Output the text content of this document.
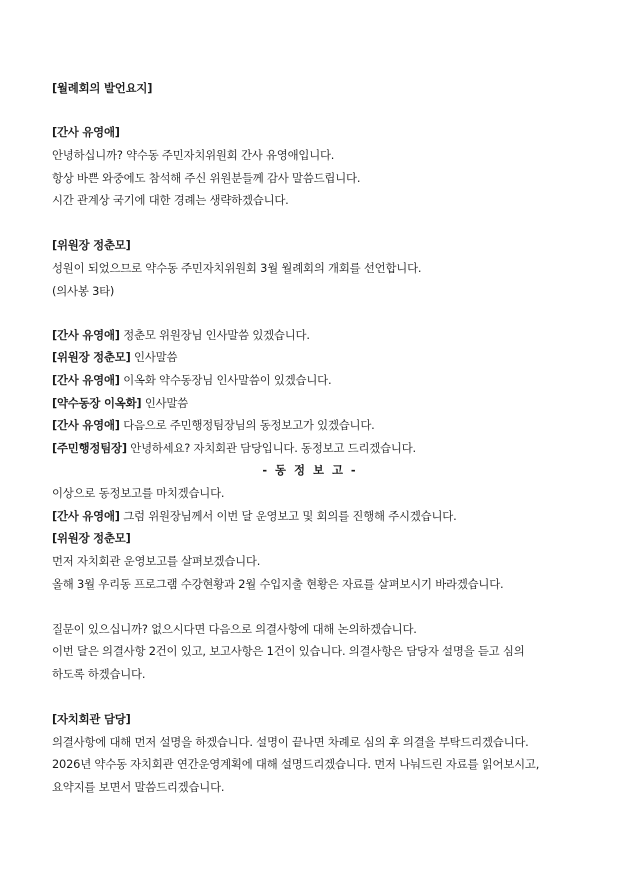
[월례회의 발언요지]
[간사 유영애]
안녕하십니까? 약수동 주민자치위원회 간사 유영애입니다.
항상 바쁜 와중에도 참석해 주신 위원분들께 감사 말씀드립니다.
시간 관계상 국기에 대한 경례는 생략하겠습니다.
[위원장 정춘모]
성원이 되었으므로 약수동 주민자치위원회 3월 월례회의 개회를 선언합니다.
(의사봉 3타)
[간사 유영애] 정춘모 위원장님 인사말씀 있겠습니다.
[위원장 정춘모] 인사말씀
[간사 유영애] 이옥화 약수동장님 인사말씀이 있겠습니다.
[약수동장 이옥화] 인사말씀
[간사 유영애] 다음으로 주민행정팀장님의 동정보고가 있겠습니다.
[주민행정팀장] 안녕하세요? 자치회관 담당입니다. 동정보고 드리겠습니다.
- 동 정 보 고 -
이상으로 동정보고를 마치겠습니다.
[간사 유영애] 그럼 위원장님께서 이번 달 운영보고 및 회의를 진행해 주시겠습니다.
[위원장 정춘모]
먼저 자치회관 운영보고를 살펴보겠습니다.
올해 3월 우리동 프로그램 수강현황과 2월 수입지출 현황은 자료를 살펴보시기 바라겠습니다.
질문이 있으십니까? 없으시다면 다음으로 의결사항에 대해 논의하겠습니다.
이번 달은 의결사항 2건이 있고, 보고사항은 1건이 있습니다. 의결사항은 담당자 설명을 듣고 심의
하도록 하겠습니다.
[자치회관 담당]
의결사항에 대해 먼저 설명을 하겠습니다. 설명이 끝나면 차례로 심의 후 의결을 부탁드리겠습니다.
2026년 약수동 자치회관 연간운영계획에 대해 설명드리겠습니다. 먼저 나눠드린 자료를 읽어보시고,
요약지를 보면서 말씀드리겠습니다.
